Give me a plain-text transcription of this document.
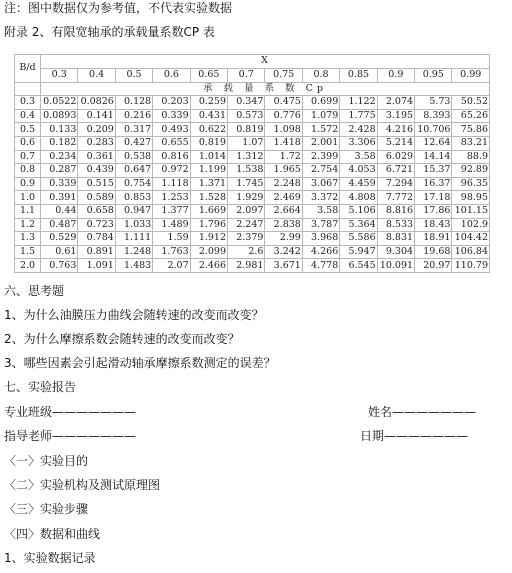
注：图中数据仅为参考值，不代表实验数据
附录 2、有限宽轴承的承载量系数CP 表
B/d	X											
	0.3	0.4	0.5	0.6	0.65	0.7	0.75	0.8	0.85	0.9	0.95	0.99
	承 载 量 系 数 Cp											
0.3	0.0522	0.0826	0.128	0.203	0.259	0.347	0.475	0.699	1.122	2.074	5.73	50.52
0.4	0.0893	0.141	0.216	0.339	0.431	0.573	0.776	1.079	1.775	3.195	8.393	65.26
0.5	0.133	0.209	0.317	0.493	0.622	0.819	1.098	1.572	2.428	4.216	10.706	75.86
0.6	0.182	0.283	0.427	0.655	0.819	1.07	1.418	2.001	3.306	5.214	12.64	83.21
0.7	0.234	0.361	0.538	0.816	1.014	1.312	1.72	2.399	3.58	6.029	14.14	88.9
0.8	0.287	0.439	0.647	0.972	1.199	1.538	1.965	2.754	4.053	6.721	15.37	92.89
0.9	0.339	0.515	0.754	1.118	1.371	1.745	2.248	3.067	4.459	7.294	16.37	96.35
1.0	0.391	0.589	0.853	1.253	1.528	1.929	2.469	3.372	4.808	7.772	17.18	98.95
1.1	0.44	0.658	0.947	1.377	1.669	2.097	2.664	3.58	5.106	8.816	17.86	101.15
1.2	0.487	0.723	1.033	1.489	1.796	2.247	2.838	3.787	5.364	8.533	18.43	102.9
1.3	0.529	0.784	1.111	1.59	1.912	2.379	2.99	3.968	5.586	8.831	18.91	104.42
1.5	0.61	0.891	1.248	1.763	2.099	2.6	3.242	4.266	5.947	9.304	19.68	106.84
2.0	0.763	1.091	1.483	2.07	2.466	2.981	3.671	4.778	6.545	10.091	20.97	110.79
六、思考题
1、为什么油膜压力曲线会随转速的改变而改变？
2、为什么摩擦系数会随转速的改变而改变？
3、哪些因素会引起滑动轴承摩擦系数测定的误差？
七、实验报告
专业班级———————	姓名———————
指导老师———————	日期———————
〈一〉实验目的
〈二〉实验机构及测试原理图
〈三〉实验步骤
〈四〉数据和曲线
1、实验数据记录
